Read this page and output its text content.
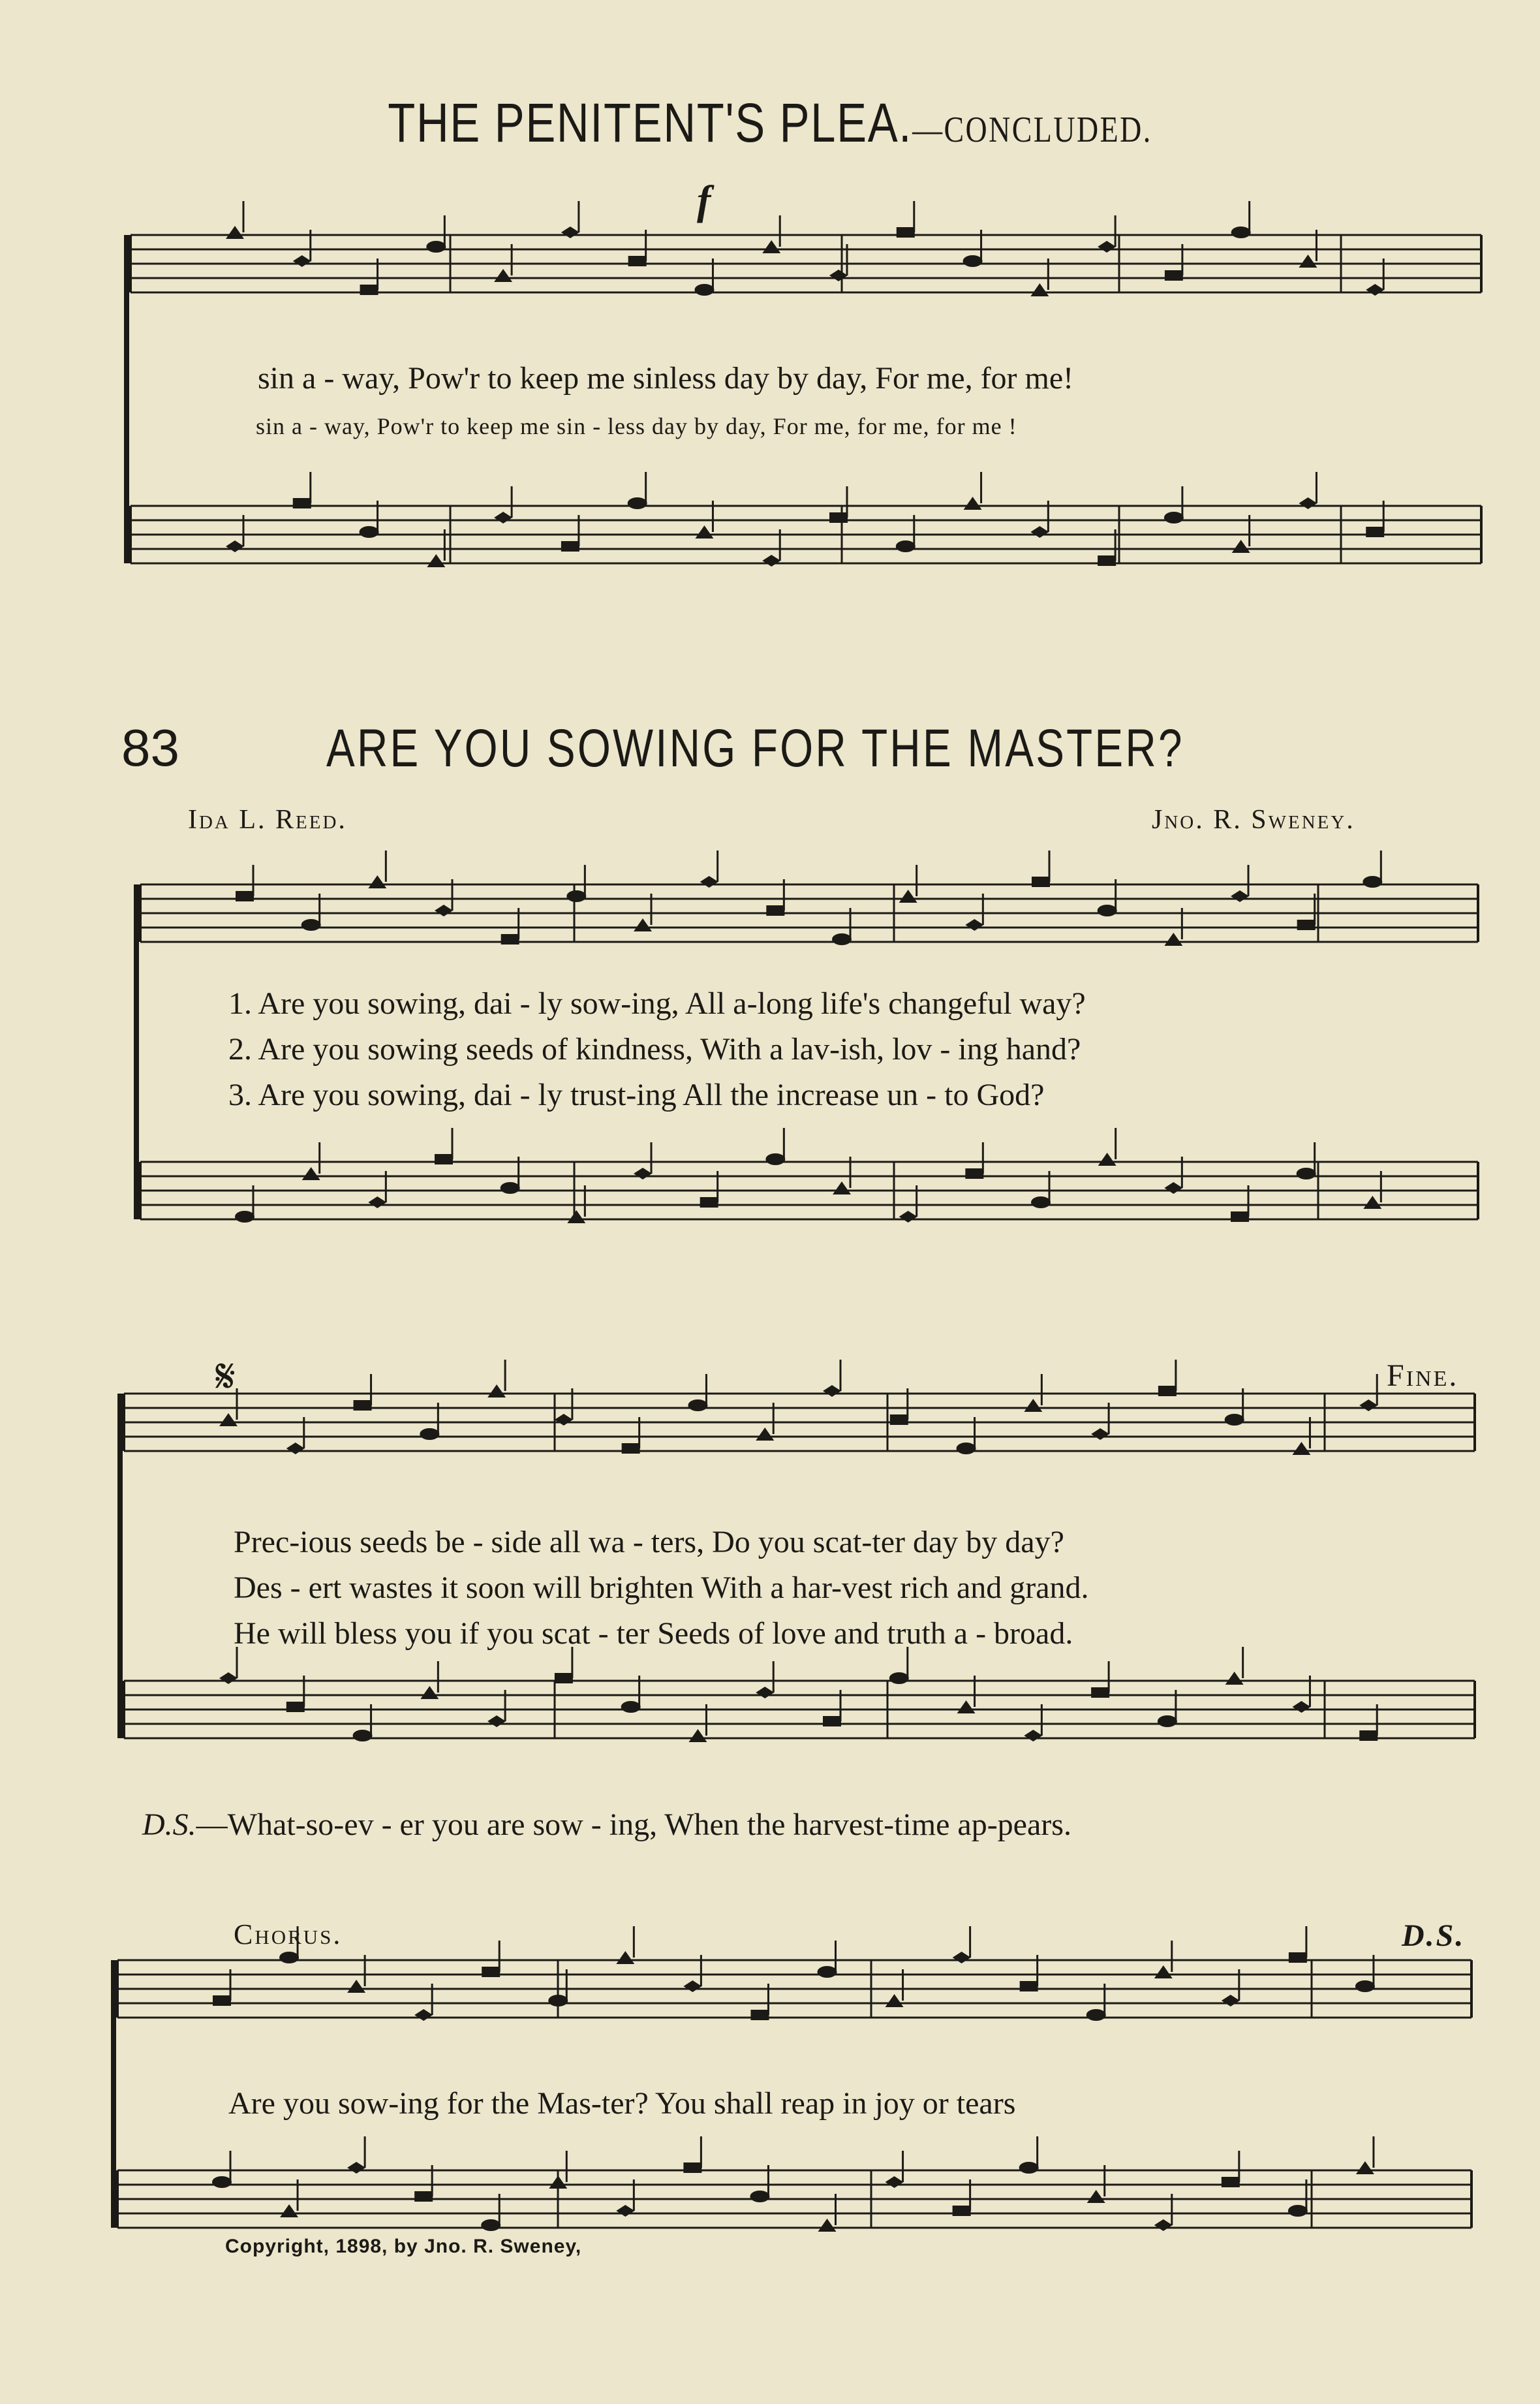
THE PENITENT'S PLEA.—CONCLUDED.
f
sin a - way, Pow'r to keep me sinless day by day, For me, for me!
sin a - way, Pow'r to keep me sin - less day by day, For me, for me, for me !
83	ARE YOU SOWING FOR THE MASTER?
Ida L. Reed.	Jno. R. Sweney.
1. Are you sowing, dai - ly sow-ing, All a-long life's changeful way?
2. Are you sowing seeds of kindness, With a lav-ish, lov - ing hand?
3. Are you sowing, dai - ly trust-ing All the increase un - to God?
𝄋	Fine.
Prec-ious seeds be - side all wa - ters, Do you scat-ter day by day?
Des - ert wastes it soon will brighten With a har-vest rich and grand.
He will bless you if you scat - ter Seeds of love and truth a - broad.
D.S.—What-so-ev - er you are sow - ing, When the harvest-time ap-pears.
Chorus.	D.S.
Are you sow-ing for the Mas-ter? You shall reap in joy or tears
Copyright, 1898, by Jno. R. Sweney,
